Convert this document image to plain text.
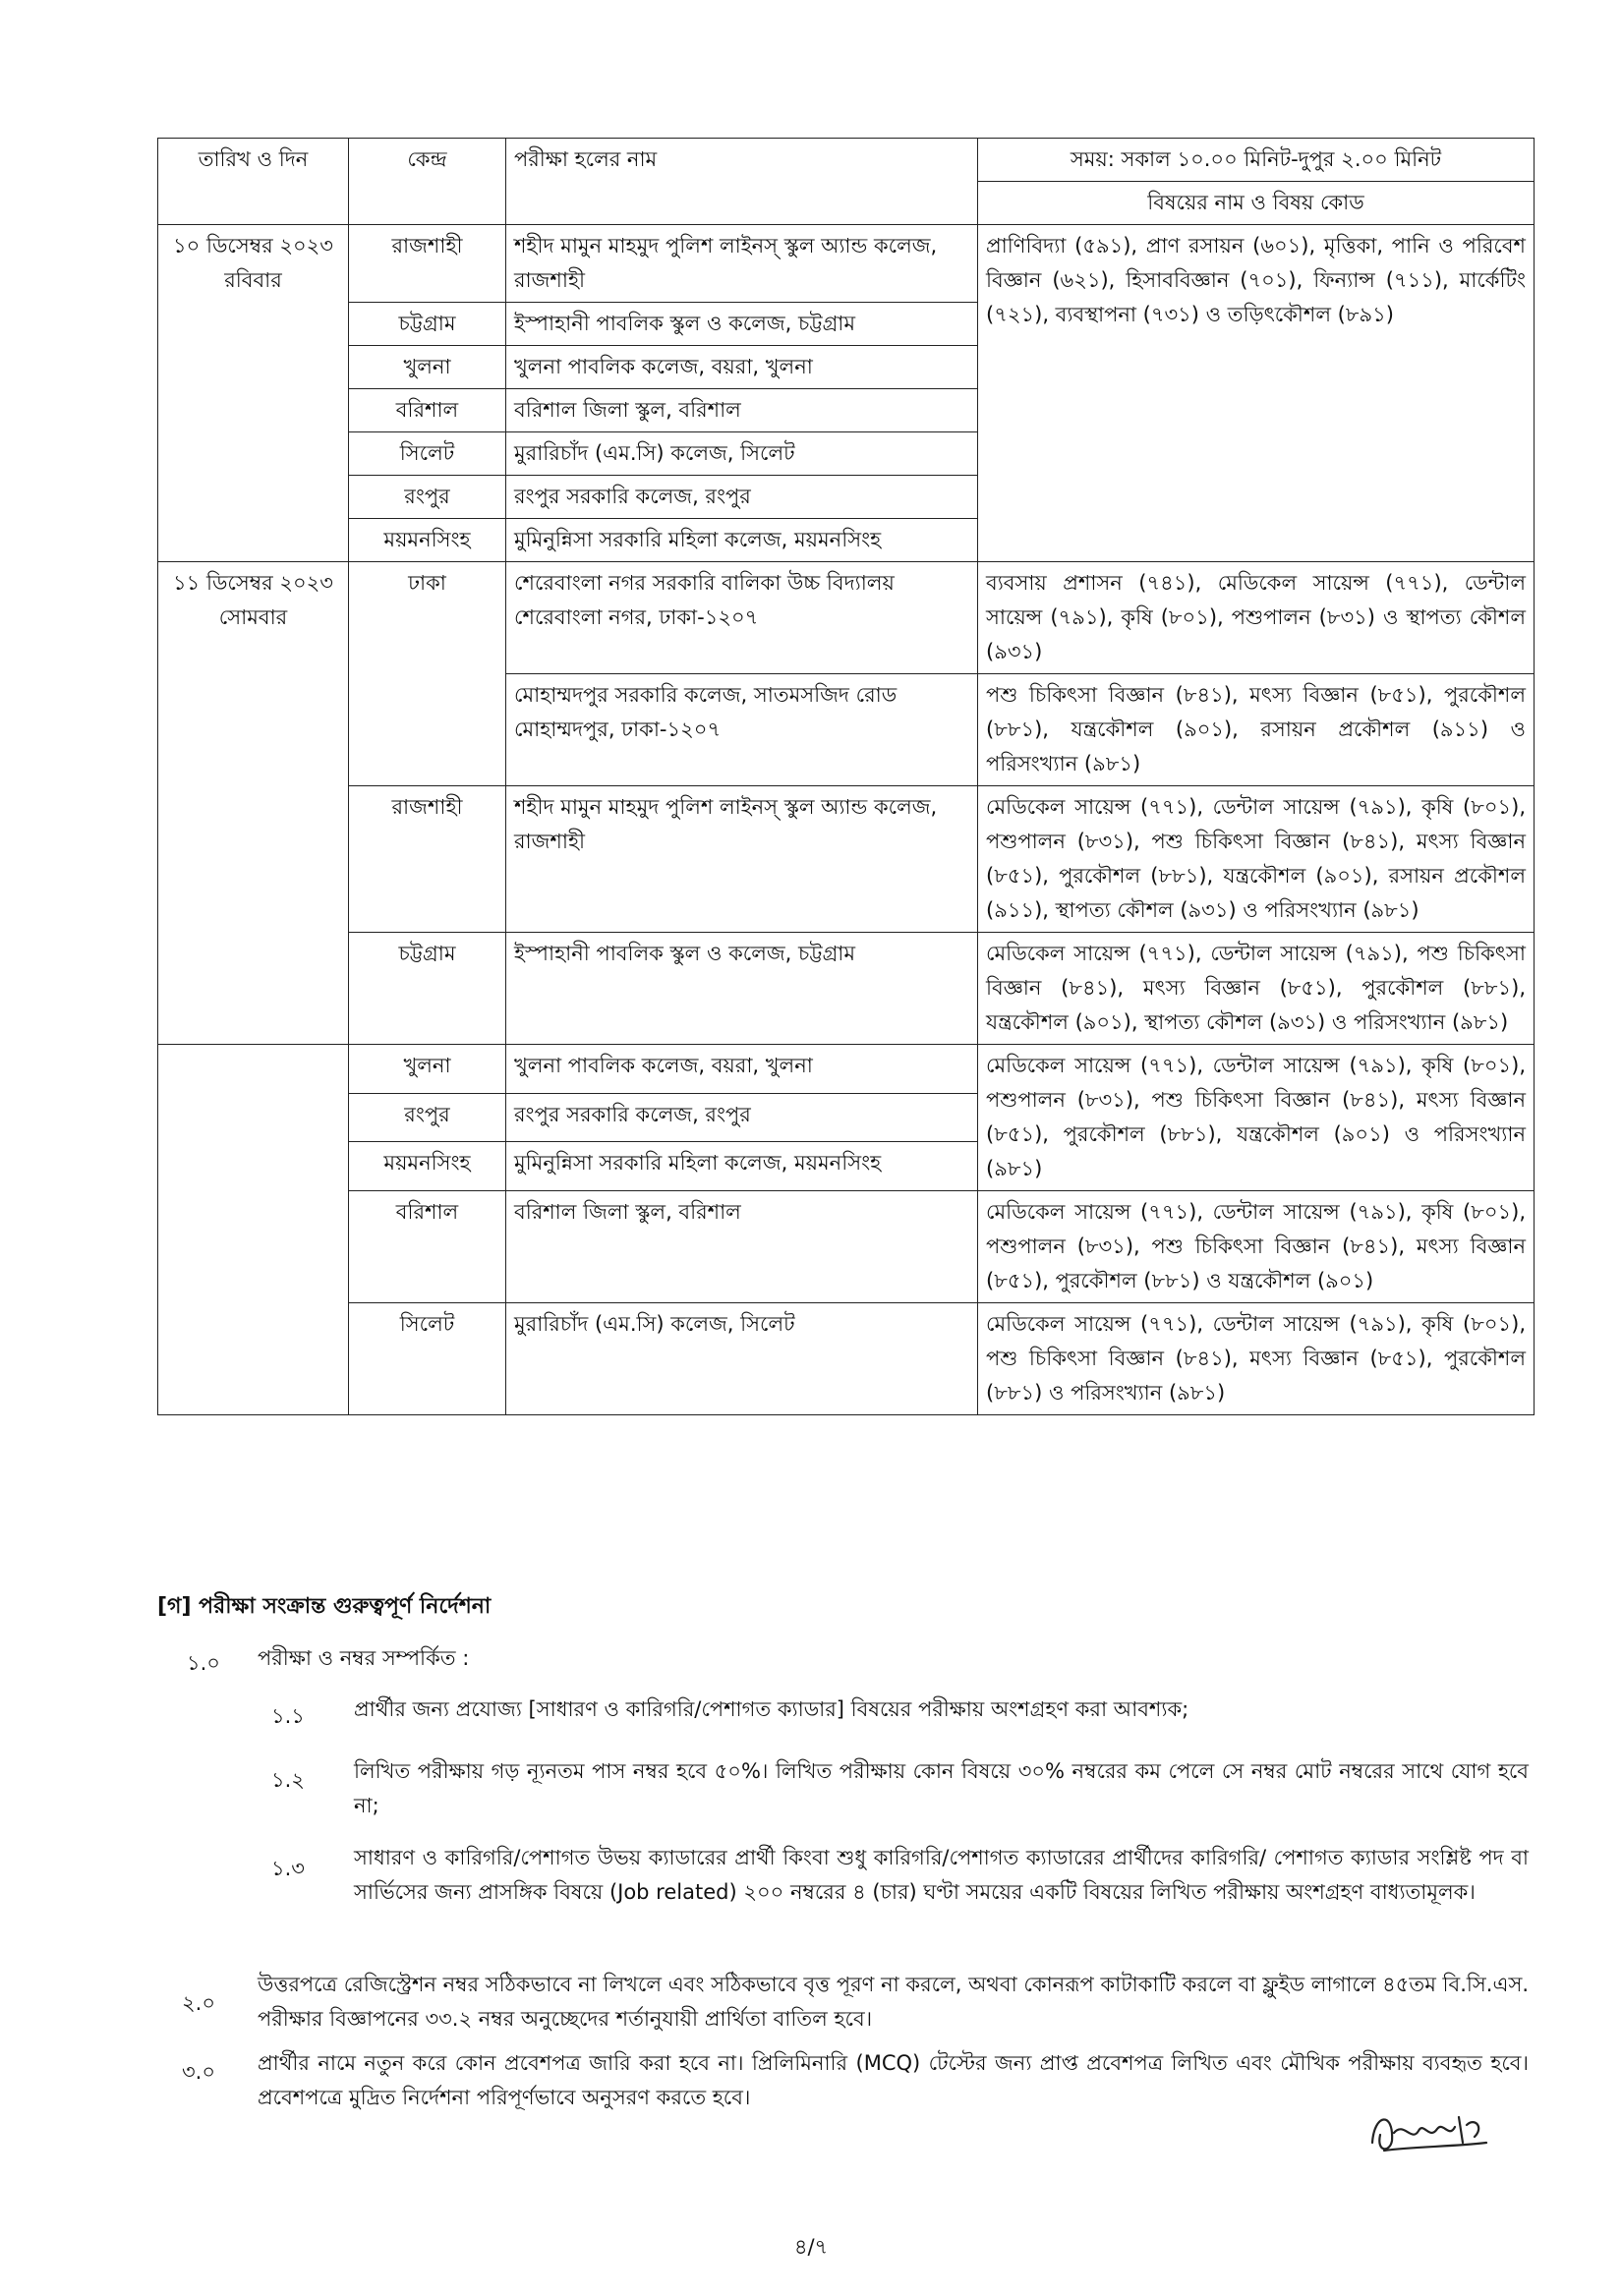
তারিখ ও দিন	কেন্দ্র	পরীক্ষা হলের নাম	সময়: সকাল ১০.০০ মিনিট-দুপুর ২.০০ মিনিট
			বিষয়ের নাম ও বিষয় কোড

১০ ডিসেম্বর ২০২৩
রবিবার	রাজশাহী	শহীদ মামুন মাহমুদ পুলিশ লাইনস্ স্কুল অ্যান্ড কলেজ, রাজশাহী	প্রাণিবিদ্যা (৫৯১), প্রাণ রসায়ন (৬০১), মৃত্তিকা, পানি ও পরিবেশ বিজ্ঞান (৬২১), হিসাববিজ্ঞান (৭০১), ফিন্যান্স (৭১১), মার্কেটিং (৭২১), ব্যবস্থাপনা (৭৩১) ও তড়িৎকৌশল (৮৯১)
	চট্টগ্রাম	ইস্পাহানী পাবলিক স্কুল ও কলেজ, চট্টগ্রাম	
	খুলনা	খুলনা পাবলিক কলেজ, বয়রা, খুলনা	
	বরিশাল	বরিশাল জিলা স্কুল, বরিশাল	
	সিলেট	মুরারিচাঁদ (এম.সি) কলেজ, সিলেট	
	রংপুর	রংপুর সরকারি কলেজ, রংপুর	
	ময়মনসিংহ	মুমিনুন্নিসা সরকারি মহিলা কলেজ, ময়মনসিংহ	

১১ ডিসেম্বর ২০২৩
সোমবার	ঢাকা	শেরেবাংলা নগর সরকারি বালিকা উচ্চ বিদ্যালয় শেরেবাংলা নগর, ঢাকা-১২০৭	ব্যবসায় প্রশাসন (৭৪১), মেডিকেল সায়েন্স (৭৭১), ডেন্টাল সায়েন্স (৭৯১), কৃষি (৮০১), পশুপালন (৮৩১) ও স্থাপত্য কৌশল (৯৩১)
		মোহাম্মদপুর সরকারি কলেজ, সাতমসজিদ রোড মোহাম্মদপুর, ঢাকা-১২০৭	পশু চিকিৎসা বিজ্ঞান (৮৪১), মৎস্য বিজ্ঞান (৮৫১), পুরকৌশল (৮৮১), যন্ত্রকৌশল (৯০১), রসায়ন প্রকৌশল (৯১১) ও পরিসংখ্যান (৯৮১)
	রাজশাহী	শহীদ মামুন মাহমুদ পুলিশ লাইনস্ স্কুল অ্যান্ড কলেজ, রাজশাহী	মেডিকেল সায়েন্স (৭৭১), ডেন্টাল সায়েন্স (৭৯১), কৃষি (৮০১), পশুপালন (৮৩১), পশু চিকিৎসা বিজ্ঞান (৮৪১), মৎস্য বিজ্ঞান (৮৫১), পুরকৌশল (৮৮১), যন্ত্রকৌশল (৯০১), রসায়ন প্রকৌশল (৯১১), স্থাপত্য কৌশল (৯৩১) ও পরিসংখ্যান (৯৮১)
	চট্টগ্রাম	ইস্পাহানী পাবলিক স্কুল ও কলেজ, চট্টগ্রাম	মেডিকেল সায়েন্স (৭৭১), ডেন্টাল সায়েন্স (৭৯১), পশু চিকিৎসা বিজ্ঞান (৮৪১), মৎস্য বিজ্ঞান (৮৫১), পুরকৌশল (৮৮১), যন্ত্রকৌশল (৯০১), স্থাপত্য কৌশল (৯৩১) ও পরিসংখ্যান (৯৮১)
	খুলনা	খুলনা পাবলিক কলেজ, বয়রা, খুলনা	মেডিকেল সায়েন্স (৭৭১), ডেন্টাল সায়েন্স (৭৯১), কৃষি (৮০১), পশুপালন (৮৩১), পশু চিকিৎসা বিজ্ঞান (৮৪১), মৎস্য বিজ্ঞান (৮৫১), পুরকৌশল (৮৮১), যন্ত্রকৌশল (৯০১) ও পরিসংখ্যান (৯৮১)
	রংপুর	রংপুর সরকারি কলেজ, রংপুর	
	ময়মনসিংহ	মুমিনুন্নিসা সরকারি মহিলা কলেজ, ময়মনসিংহ	
	বরিশাল	বরিশাল জিলা স্কুল, বরিশাল	মেডিকেল সায়েন্স (৭৭১), ডেন্টাল সায়েন্স (৭৯১), কৃষি (৮০১), পশুপালন (৮৩১), পশু চিকিৎসা বিজ্ঞান (৮৪১), মৎস্য বিজ্ঞান (৮৫১), পুরকৌশল (৮৮১) ও যন্ত্রকৌশল (৯০১)
	সিলেট	মুরারিচাঁদ (এম.সি) কলেজ, সিলেট	মেডিকেল সায়েন্স (৭৭১), ডেন্টাল সায়েন্স (৭৯১), কৃষি (৮০১), পশু চিকিৎসা বিজ্ঞান (৮৪১), মৎস্য বিজ্ঞান (৮৫১), পুরকৌশল (৮৮১) ও পরিসংখ্যান (৯৮১)
[গ] পরীক্ষা সংক্রান্ত গুরুত্বপূর্ণ নির্দেশনা
১.০ পরীক্ষা ও নম্বর সম্পর্কিত :
১.১ প্রার্থীর জন্য প্রযোজ্য [সাধারণ ও কারিগরি/পেশাগত ক্যাডার] বিষয়ের পরীক্ষায় অংশগ্রহণ করা আবশ্যক;
১.২ লিখিত পরীক্ষায় গড় ন্যূনতম পাস নম্বর হবে ৫০%। লিখিত পরীক্ষায় কোন বিষয়ে ৩০% নম্বরের কম পেলে সে নম্বর মোট নম্বরের সাথে যোগ হবে না;
১.৩ সাধারণ ও কারিগরি/পেশাগত উভয় ক্যাডারের প্রার্থী কিংবা শুধু কারিগরি/পেশাগত ক্যাডারের প্রার্থীদের কারিগরি/ পেশাগত ক্যাডার সংশ্লিষ্ট পদ বা সার্ভিসের জন্য প্রাসঙ্গিক বিষয়ে (Job related) ২০০ নম্বরের ৪ (চার) ঘণ্টা সময়ের একটি বিষয়ের লিখিত পরীক্ষায় অংশগ্রহণ বাধ্যতামূলক।
২.০
উত্তরপত্রে রেজিস্ট্রেশন নম্বর সঠিকভাবে না লিখলে এবং সঠিকভাবে বৃত্ত পূরণ না করলে, অথবা কোনরূপ কাটাকাটি করলে বা ফ্লুইড লাগালে ৪৫তম বি.সি.এস. পরীক্ষার বিজ্ঞাপনের ৩৩.২ নম্বর অনুচ্ছেদের শর্তানুযায়ী প্রার্থিতা বাতিল হবে।
৩.০ প্রার্থীর নামে নতুন করে কোন প্রবেশপত্র জারি করা হবে না। প্রিলিমিনারি (MCQ) টেস্টের জন্য প্রাপ্ত প্রবেশপত্র লিখিত এবং মৌখিক পরীক্ষায় ব্যবহৃত হবে। প্রবেশপত্রে মুদ্রিত নির্দেশনা পরিপূর্ণভাবে অনুসরণ করতে হবে।
৪/৭
